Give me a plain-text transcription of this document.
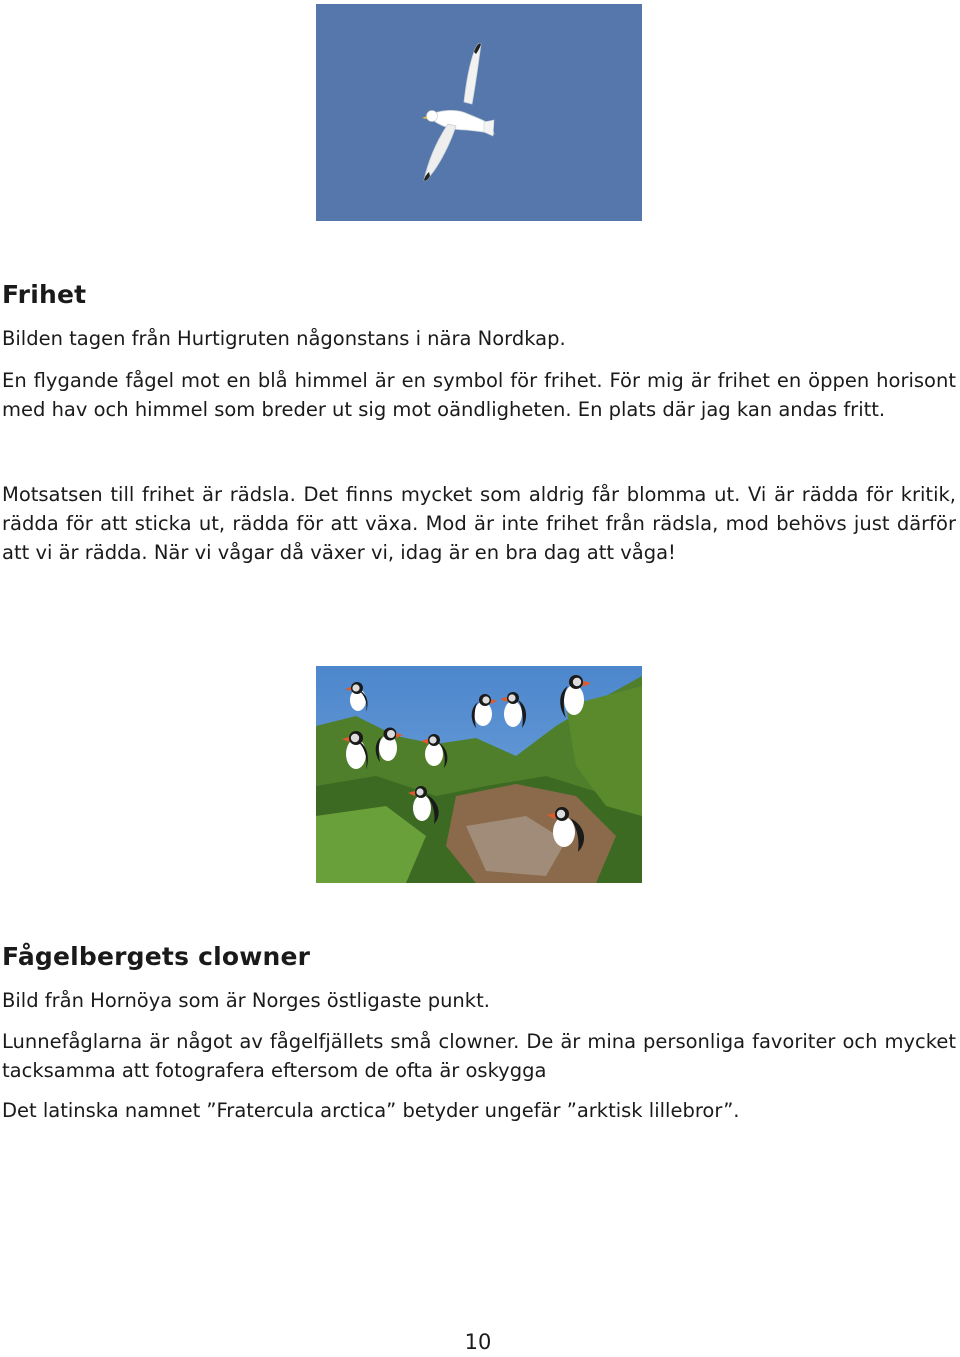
Frihet

Bilden tagen från Hurtigruten någonstans i nära Nordkap.

En flygande fågel mot en blå himmel är en symbol för frihet. För mig är frihet en öppen horisont med hav och himmel som breder ut sig mot oändligheten. En plats där jag kan andas fritt.

Motsatsen till frihet är rädsla. Det finns mycket som aldrig får blomma ut. Vi är rädda för kritik, rädda för att sticka ut, rädda för att växa. Mod är inte frihet från rädsla, mod behövs just därför att vi är rädda. När vi vågar då växer vi, idag är en bra dag att våga!

Fågelbergets clowner

Bild från Hornöya som är Norges östligaste punkt.

Lunnefåglarna är något av fågelfjällets små clowner. De är mina personliga favoriter och mycket tacksamma att fotografera eftersom de ofta är oskygga

Det latinska namnet ”Fratercula arctica” betyder ungefär ”arktisk lillebror”.

10
